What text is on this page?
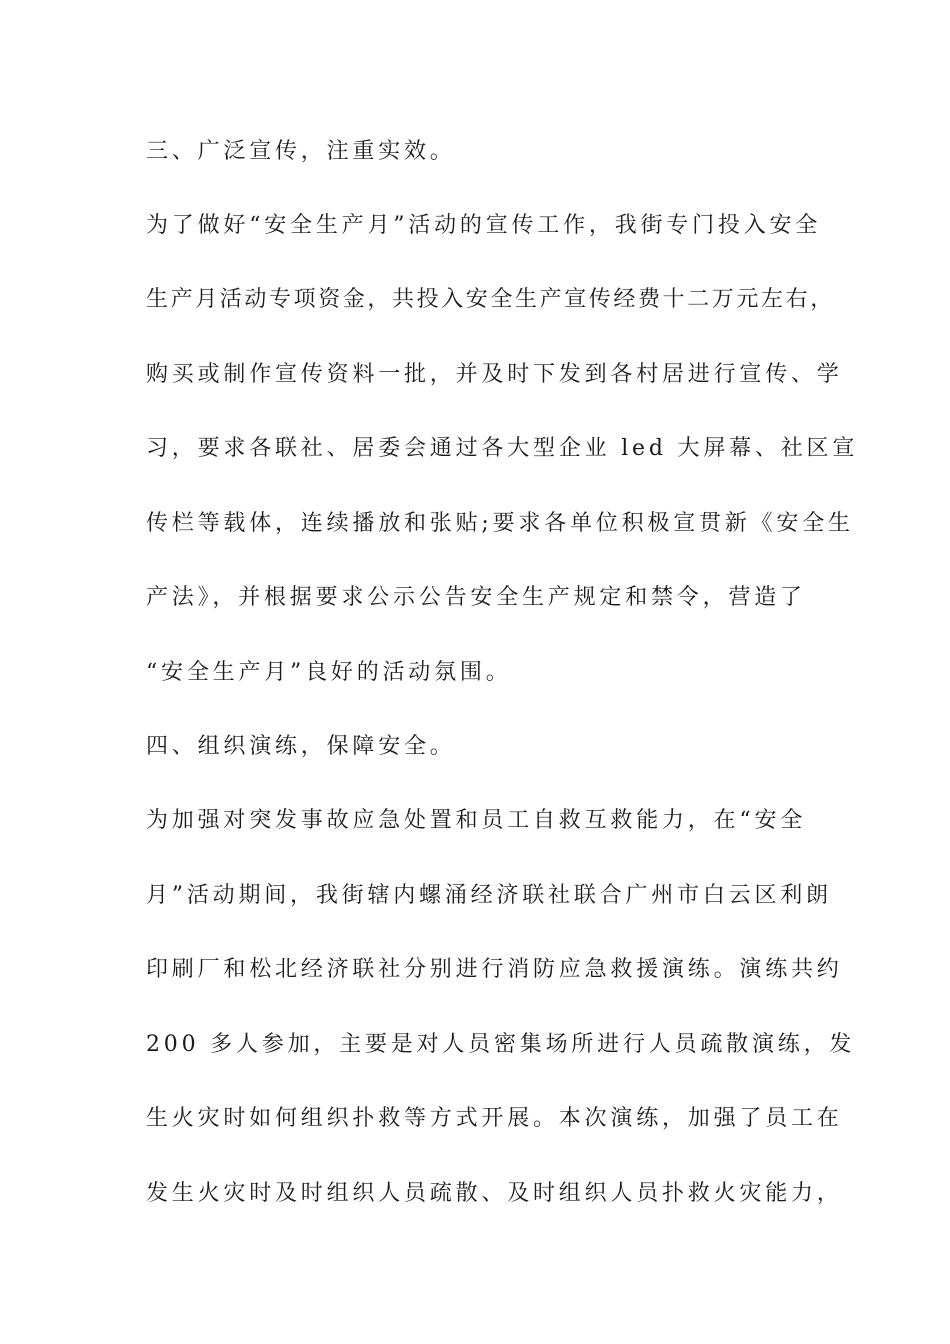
三、广泛宣传，注重实效。
为了做好“安全生产月”活动的宣传工作，我街专门投入安全
生产月活动专项资金，共投入安全生产宣传经费十二万元左右，
购买或制作宣传资料一批，并及时下发到各村居进行宣传、学
习，要求各联社、居委会通过各大型企业 led 大屏幕、社区宣
传栏等载体，连续播放和张贴;要求各单位积极宣贯新《安全生
产法》，并根据要求公示公告安全生产规定和禁令，营造了
“安全生产月”良好的活动氛围。
四、组织演练，保障安全。
为加强对突发事故应急处置和员工自救互救能力，在“安全
月”活动期间，我街辖内螺涌经济联社联合广州市白云区利朗
印刷厂和松北经济联社分别进行消防应急救援演练。演练共约
200 多人参加，主要是对人员密集场所进行人员疏散演练，发
生火灾时如何组织扑救等方式开展。本次演练，加强了员工在
发生火灾时及时组织人员疏散、及时组织人员扑救火灾能力，
